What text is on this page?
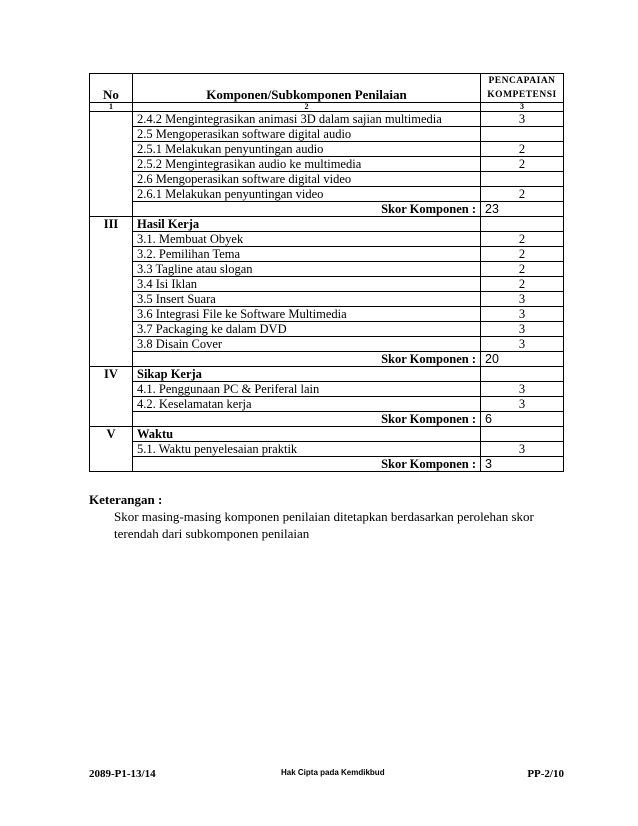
No	Komponen/Subkomponen Penilaian	PENCAPAIAN
KOMPETENSI

1	2	3
	2.4.2 Mengintegrasikan animasi 3D dalam sajian multimedia	3
	2.5 Mengoperasikan software digital audio	
	2.5.1 Melakukan penyuntingan audio	2
	2.5.2 Mengintegrasikan audio ke multimedia	2
	2.6 Mengoperasikan software digital video	
	2.6.1 Melakukan penyuntingan video	2
	Skor Komponen :	23
III	Hasil Kerja	
	3.1. Membuat Obyek	2
	3.2. Pemilihan Tema	2
	3.3 Tagline atau slogan	2
	3.4 Isi Iklan	2
	3.5 Insert Suara	3
	3.6 Integrasi File ke Software Multimedia	3
	3.7 Packaging ke dalam DVD	3
	3.8 Disain Cover	3
	Skor Komponen :	20
IV	Sikap Kerja	
	4.1. Penggunaan PC & Periferal lain	3
	4.2. Keselamatan kerja	3
	Skor Komponen :	6
V	Waktu	
	5.1. Waktu penyelesaian praktik	3
	Skor Komponen :	3
Keterangan :
Skor masing-masing komponen penilaian ditetapkan berdasarkan perolehan skor terendah dari subkomponen penilaian
2089-P1-13/14	Hak Cipta pada Kemdikbud	PP-2/10
